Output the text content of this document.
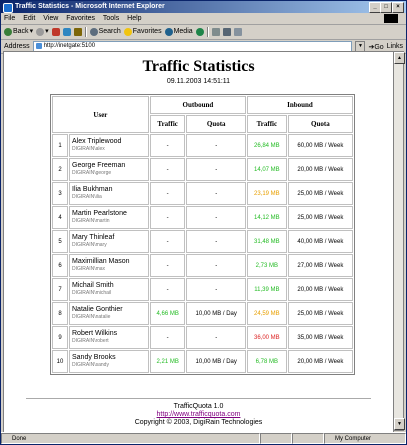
Traffic Statistics - Microsoft Internet Explorer	_	□	×
File Edit View Favorites Tools Help
Back ▾	▾	Search Favorites Media
Address	http://inetgate:5100	▼ ➔Go Links
Traffic Statistics
09.11.2003 14:51:11
User		Outbound		Inbound	
		Traffic	Quota	Traffic	Quota
1	Alex Triplewood
DIGIRAIN\alex	-	-	26,84 MB	60,00 MB / Week
2	George Freeman
DIGIRAIN\george	-	-	14,07 MB	20,00 MB / Week
3	Ilia Bukhman
DIGIRAIN\ilia	-	-	23,19 MB	25,00 MB / Week
4	Martin Pearlstone
DIGIRAIN\martin	-	-	14,12 MB	25,00 MB / Week
5	Mary Thinleaf
DIGIRAIN\mary	-	-	31,48 MB	40,00 MB / Week
6	Maximillian Mason
DIGIRAIN\max	-	-	2,73 MB	27,00 MB / Week
7	Michail Smith
DIGIRAIN\michail	-	-	11,39 MB	20,00 MB / Week
8	Natalie Gonthier
DIGIRAIN\natalie	4,66 MB	10,00 MB / Day	24,59 MB	25,00 MB / Week
9	Robert Wilkins
DIGIRAIN\robert	-	-	36,00 MB	35,00 MB / Week
10	Sandy Brooks
DIGIRAIN\sandy	2,21 MB	10,00 MB / Day	6,78 MB	20,00 MB / Week
TrafficQuota 1.0
http://www.trafficquota.com
Copyright © 2003, DigiRain Technologies
▲
▼
Done	My Computer
